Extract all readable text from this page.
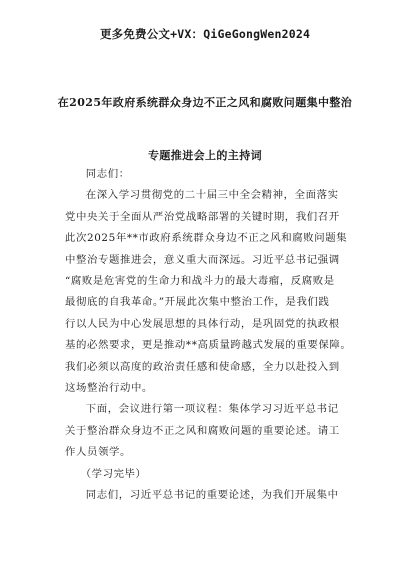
更多免费公文+VX：QiGeGongWen2024
在2025年政府系统群众身边不正之风和腐败问题集中整治
专题推进会上的主持词

同志们：

在深入学习贯彻党的二十届三中全会精神，全面落实
党中央关于全面从严治党战略部署的关键时期，我们召开
此次2025年**市政府系统群众身边不正之风和腐败问题集
中整治专题推进会，意义重大而深远。习近平总书记强调
“腐败是危害党的生命力和战斗力的最大毒瘤，反腐败是
最彻底的自我革命。”开展此次集中整治工作，是我们践
行以人民为中心发展思想的具体行动，是巩固党的执政根
基的必然要求，更是推动**高质量跨越式发展的重要保障。
我们必须以高度的政治责任感和使命感，全力以赴投入到
这场整治行动中。

下面，会议进行第一项议程：集体学习习近平总书记
关于整治群众身边不正之风和腐败问题的重要论述。请工
作人员领学。

（学习完毕）

同志们，习近平总书记的重要论述，为我们开展集中
